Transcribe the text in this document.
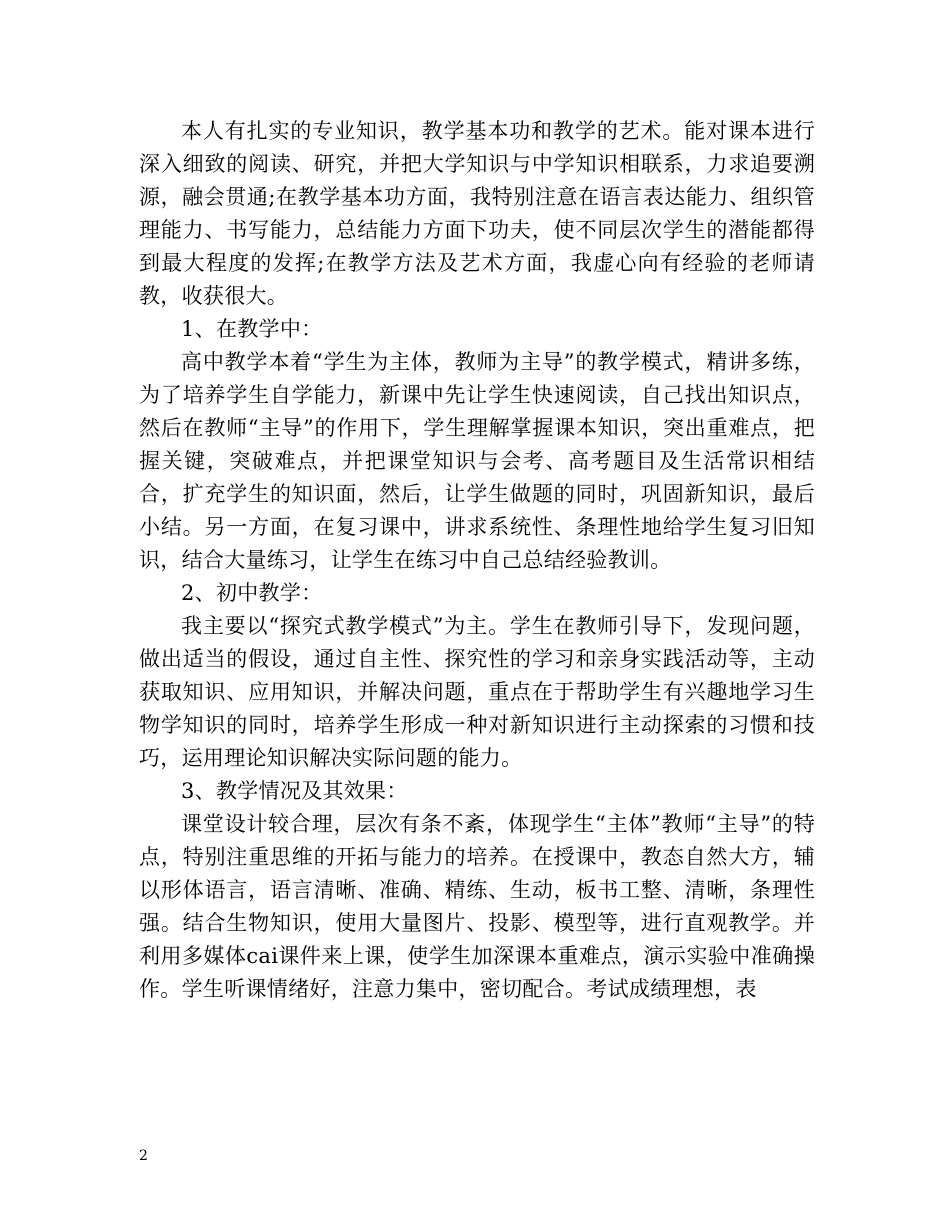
本人有扎实的专业知识，教学基本功和教学的艺术。能对课本进行深入细致的阅读、研究，并把大学知识与中学知识相联系，力求追要溯源，融会贯通;在教学基本功方面，我特别注意在语言表达能力、组织管理能力、书写能力，总结能力方面下功夫，使不同层次学生的潜能都得到最大程度的发挥;在教学方法及艺术方面，我虚心向有经验的老师请教，收获很大。

1、在教学中：

高中教学本着“学生为主体，教师为主导”的教学模式，精讲多练，为了培养学生自学能力，新课中先让学生快速阅读，自己找出知识点，然后在教师“主导”的作用下，学生理解掌握课本知识，突出重难点，把握关键，突破难点，并把课堂知识与会考、高考题目及生活常识相结合，扩充学生的知识面，然后，让学生做题的同时，巩固新知识，最后小结。另一方面，在复习课中，讲求系统性、条理性地给学生复习旧知识，结合大量练习，让学生在练习中自己总结经验教训。

2、初中教学：

我主要以“探究式教学模式”为主。学生在教师引导下，发现问题，做出适当的假设，通过自主性、探究性的学习和亲身实践活动等，主动获取知识、应用知识，并解决问题，重点在于帮助学生有兴趣地学习生物学知识的同时，培养学生形成一种对新知识进行主动探索的习惯和技巧，运用理论知识解决实际问题的能力。

3、教学情况及其效果：

课堂设计较合理，层次有条不紊，体现学生“主体”教师“主导”的特点，特别注重思维的开拓与能力的培养。在授课中，教态自然大方，辅以形体语言，语言清晰、准确、精练、生动，板书工整、清晰，条理性强。结合生物知识，使用大量图片、投影、模型等，进行直观教学。并利用多媒体cai课件来上课，使学生加深课本重难点，演示实验中准确操作。学生听课情绪好，注意力集中，密切配合。考试成绩理想，表

2
